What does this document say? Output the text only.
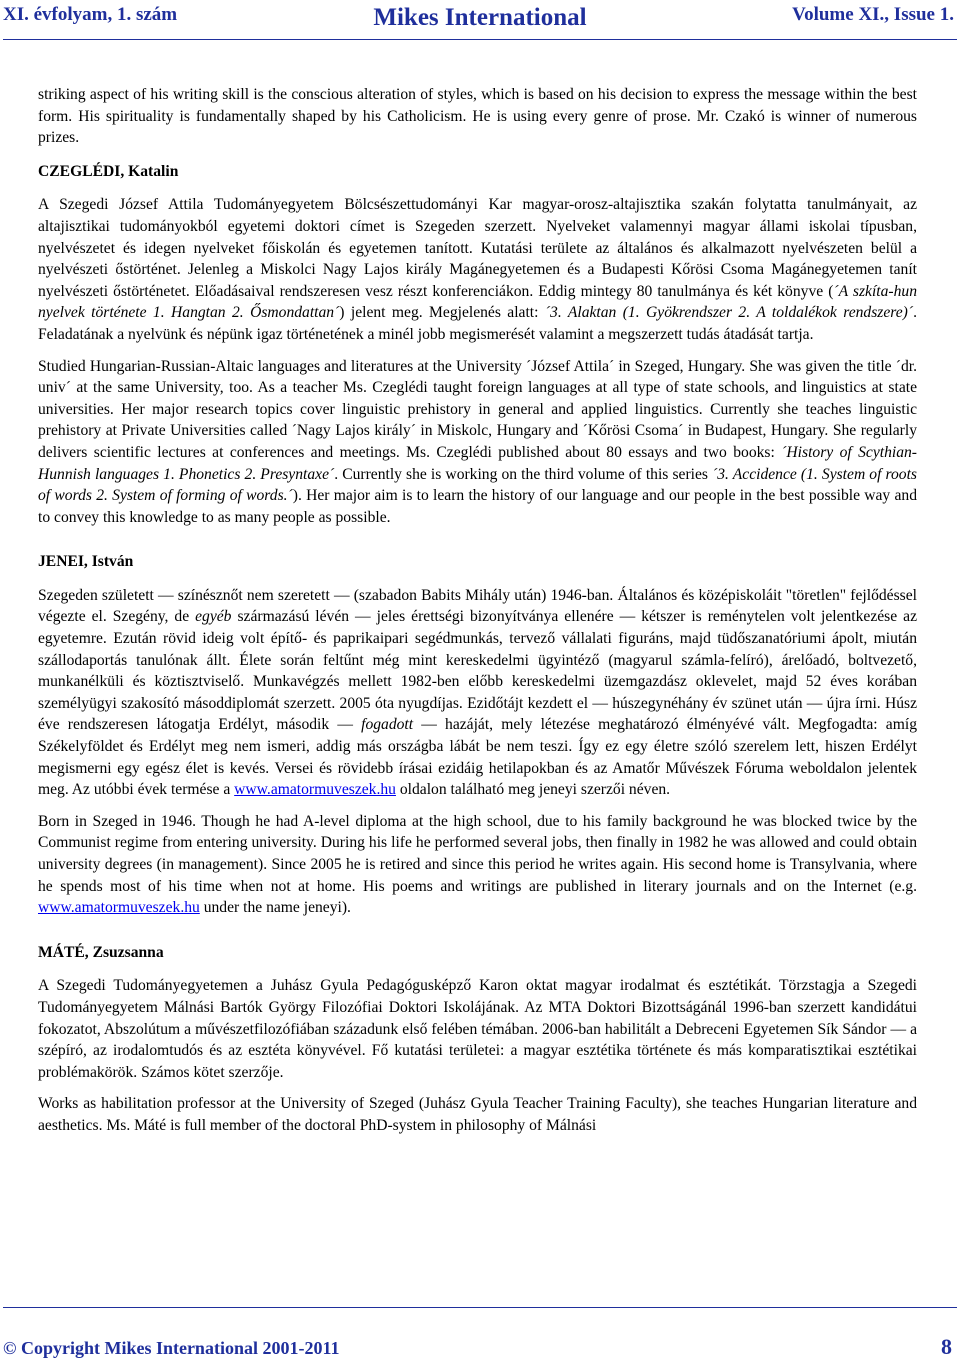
XI. évfolyam, 1. szám	Mikes International	Volume XI., Issue 1.

striking aspect of his writing skill is the conscious alteration of styles, which is based on his decision to express the message within the best form. His spirituality is fundamentally shaped by his Catholicism. He is using every genre of prose. Mr. Czakó is winner of numerous prizes.

CZEGLÉDI, Katalin

A Szegedi József Attila Tudományegyetem Bölcsészettudományi Kar magyar-orosz-altajisztika szakán folytatta tanulmányait, az altajisztikai tudományokból egyetemi doktori címet is Szegeden szerzett. Nyelveket valamennyi magyar állami iskolai típusban, nyelvészetet és idegen nyelveket főiskolán és egyetemen tanított. Kutatási területe az általános és alkalmazott nyelvészeten belül a nyelvészeti őstörténet. Jelenleg a Miskolci Nagy Lajos király Magánegyetemen és a Budapesti Kőrösi Csoma Magánegyetemen tanít nyelvészeti őstörténetet. Előadásaival rendszeresen vesz részt konferenciákon. Eddig mintegy 80 tanulmánya és két könyve (´A szkíta-hun nyelvek története 1. Hangtan 2. Ősmondattan´) jelent meg. Megjelenés alatt: ´3. Alaktan (1. Gyökrendszer 2. A toldalékok rendszere)´. Feladatának a nyelvünk és népünk igaz történetének a minél jobb megismerését valamint a megszerzett tudás átadását tartja.

Studied Hungarian-Russian-Altaic languages and literatures at the University ´József Attila´ in Szeged, Hungary. She was given the title ´dr. univ´ at the same University, too. As a teacher Ms. Czeglédi taught foreign languages at all type of state schools, and linguistics at state universities. Her major research topics cover linguistic prehistory in general and applied linguistics. Currently she teaches linguistic prehistory at Private Universities called ´Nagy Lajos király´ in Miskolc, Hungary and ´Kőrösi Csoma´ in Budapest, Hungary. She regularly delivers scientific lectures at conferences and meetings. Ms. Czeglédi published about 80 essays and two books: ´History of Scythian-Hunnish languages 1. Phonetics 2. Presyntaxe´. Currently she is working on the third volume of this series ´3. Accidence (1. System of roots of words 2. System of forming of words.´). Her major aim is to learn the history of our language and our people in the best possible way and to convey this knowledge to as many people as possible.

JENEI, István

Szegeden született — színésznőt nem szeretett — (szabadon Babits Mihály után) 1946-ban. Általános és középiskoláit "töretlen" fejlődéssel végezte el. Szegény, de egyéb származású lévén — jeles érettségi bizonyítványa ellenére — kétszer is reménytelen volt jelentkezése az egyetemre. Ezután rövid ideig volt építő- és paprikaipari segédmunkás, tervező vállalati figuráns, majd tüdőszanatóriumi ápolt, miután szállodaportás tanulónak állt. Élete során feltűnt még mint kereskedelmi ügyintéző (magyarul számla-felíró), árelőadó, boltvezető, munkanélküli és köztisztviselő. Munkavégzés mellett 1982-ben előbb kereskedelmi üzemgazdász oklevelet, majd 52 éves korában személyügyi szakosító másoddiplomát szerzett. 2005 óta nyugdíjas. Ezidőtájt kezdett el — húszegynéhány év szünet után — újra írni. Húsz éve rendszeresen látogatja Erdélyt, második — fogadott — hazáját, mely létezése meghatározó élményévé vált. Megfogadta: amíg Székelyföldet és Erdélyt meg nem ismeri, addig más országba lábát be nem teszi. Így ez egy életre szóló szerelem lett, hiszen Erdélyt megismerni egy egész élet is kevés. Versei és rövidebb írásai ezidáig hetilapokban és az Amatőr Művészek Fóruma weboldalon jelentek meg. Az utóbbi évek termése a www.amatormuveszek.hu oldalon található meg jeneyi szerzői néven.

Born in Szeged in 1946. Though he had A-level diploma at the high school, due to his family background he was blocked twice by the Communist regime from entering university. During his life he performed several jobs, then finally in 1982 he was allowed and could obtain university degrees (in management). Since 2005 he is retired and since this period he writes again. His second home is Transylvania, where he spends most of his time when not at home. His poems and writings are published in literary journals and on the Internet (e.g. www.amatormuveszek.hu under the name jeneyi).

MÁTÉ, Zsuzsanna

A Szegedi Tudományegyetemen a Juhász Gyula Pedagógusképző Karon oktat magyar irodalmat és esztétikát. Törzstagja a Szegedi Tudományegyetem Málnási Bartók György Filozófiai Doktori Iskolájának. Az MTA Doktori Bizottságánál 1996-ban szerzett kandidátui fokozatot, Abszolútum a művészetfilozófiában századunk első felében témában. 2006-ban habilitált a Debreceni Egyetemen Sík Sándor — a szépíró, az irodalomtudós és az esztéta könyvével. Fő kutatási területei: a magyar esztétika története és más komparatisztikai esztétikai problémakörök. Számos kötet szerzője.

Works as habilitation professor at the University of Szeged (Juhász Gyula Teacher Training Faculty), she teaches Hungarian literature and aesthetics. Ms. Máté is full member of the doctoral PhD-system in philosophy of Málnási

© Copyright Mikes International 2001-2011	8
